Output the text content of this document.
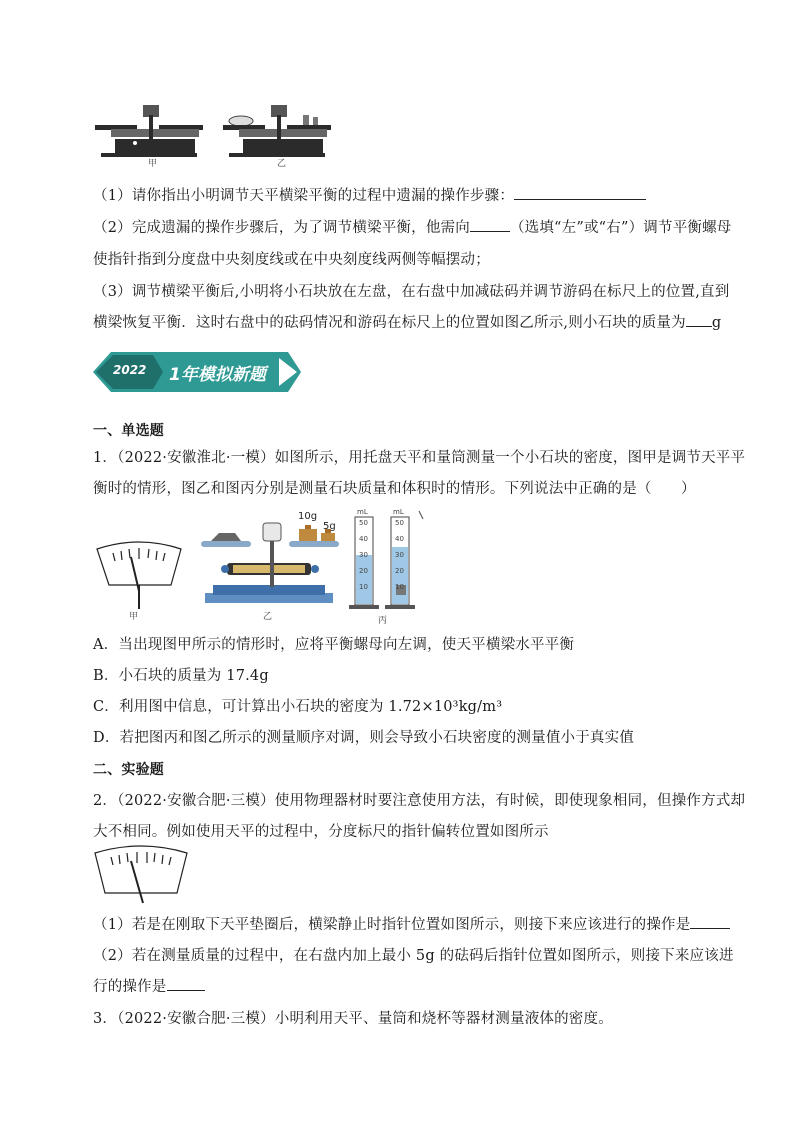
甲	乙
（1）请你指出小明调节天平横梁平衡的过程中遗漏的操作步骤：
（2）完成遗漏的操作步骤后，为了调节横梁平衡，他需向	（选填“左”或“右”）调节平衡螺母
使指针指到分度盘中央刻度线或在中央刻度线两侧等幅摆动；
（3）调节横梁平衡后,小明将小石块放在左盘，在右盘中加减砝码并调节游码在标尺上的位置,直到
横梁恢复平衡．这时右盘中的砝码情况和游码在标尺上的位置如图乙所示,则小石块的质量为 g
2022 1年模拟新题
一、单选题
1．（2022·安徽淮北·一模）如图所示，用托盘天平和量筒测量一个小石块的密度，图甲是调节天平平
衡时的情形，图乙和图丙分别是测量石块质量和体积时的情形。下列说法中正确的是（　　）
甲	乙	丙
10g
5g
mL	mL
50
40
30
20
10
50
40
30
20
10
A．当出现图甲所示的情形时，应将平衡螺母向左调，使天平横梁水平平衡
B．小石块的质量为 17.4g
C．利用图中信息，可计算出小石块的密度为 1.72×10³kg/m³
D．若把图丙和图乙所示的测量顺序对调，则会导致小石块密度的测量值小于真实值
二、实验题
2．（2022·安徽合肥·三模）使用物理器材时要注意使用方法，有时候，即使现象相同，但操作方式却
大不相同。例如使用天平的过程中，分度标尺的指针偏转位置如图所示
（1）若是在刚取下天平垫圈后，横梁静止时指针位置如图所示，则接下来应该进行的操作是
（2）若在测量质量的过程中，在右盘内加上最小 5g 的砝码后指针位置如图所示，则接下来应该进
行的操作是
3．（2022·安徽合肥·三模）小明利用天平、量筒和烧杯等器材测量液体的密度。
